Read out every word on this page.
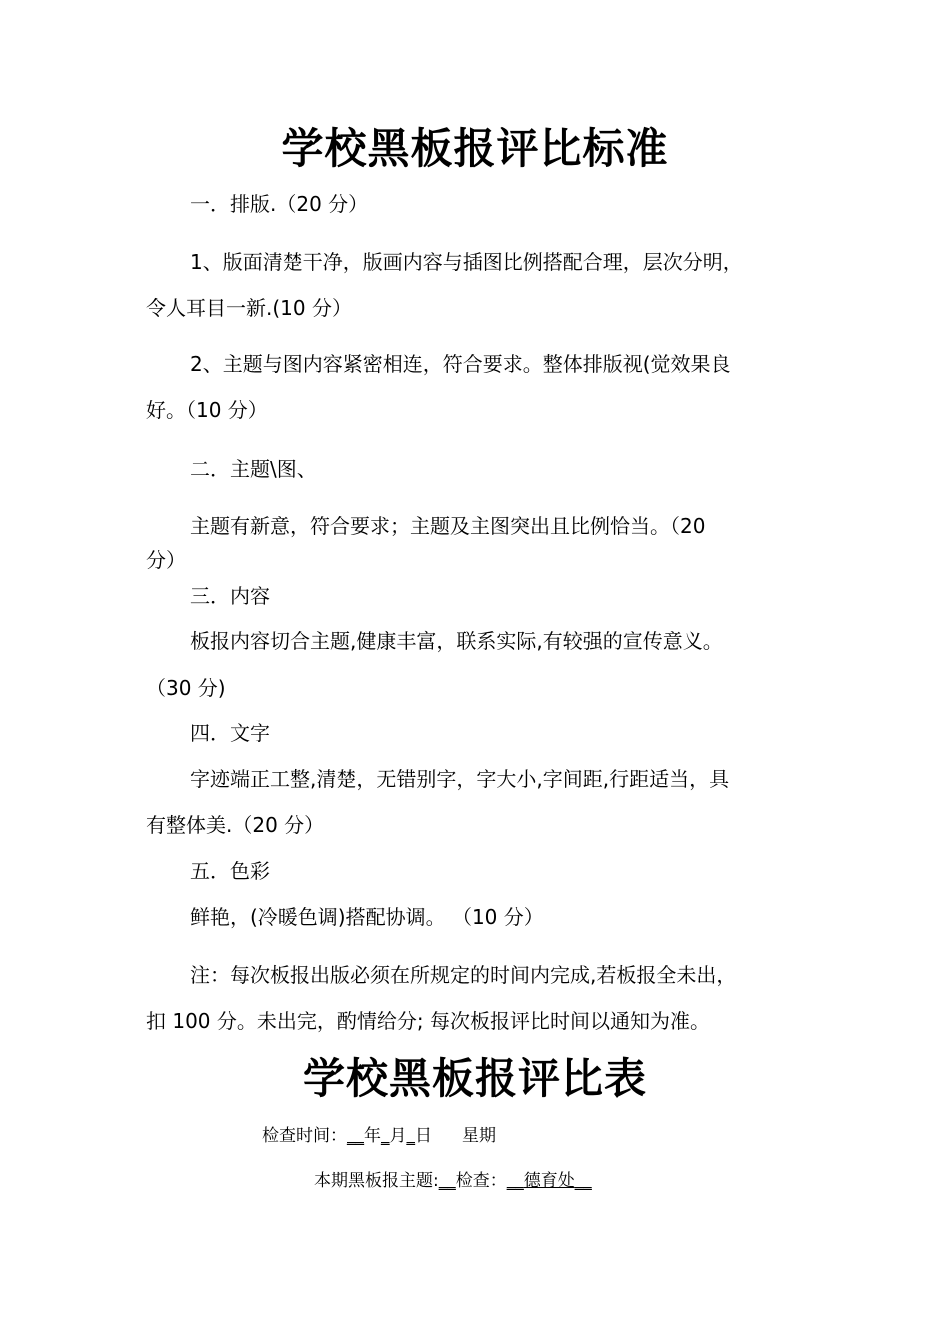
学校黑板报评比标准
一．排版.（20 分）
1、版面清楚干净，版画内容与插图比例搭配合理，层次分明，
令人耳目一新.(10 分）
2、主题与图内容紧密相连，符合要求。整体排版视(觉效果良
好。（10 分）
二．主题\图、
主题有新意，符合要求；主题及主图突出且比例恰当。（20
分）
三．内容
板报内容切合主题,健康丰富，联系实际,有较强的宣传意义。
（30 分)
四．文字
字迹端正工整,清楚，无错别字，字大小,字间距,行距适当，具
有整体美.（20 分）
五．色彩
鲜艳，(冷暖色调)搭配协调。 （10 分）
注：每次板报出版必须在所规定的时间内完成,若板报全未出，
扣 100 分。未出完，酌情给分; 每次板报评比时间以通知为准。
学校黑板报评比表
检查时间：__年_月_日 星期
本期黑板报主题:__检查：__德育处__
